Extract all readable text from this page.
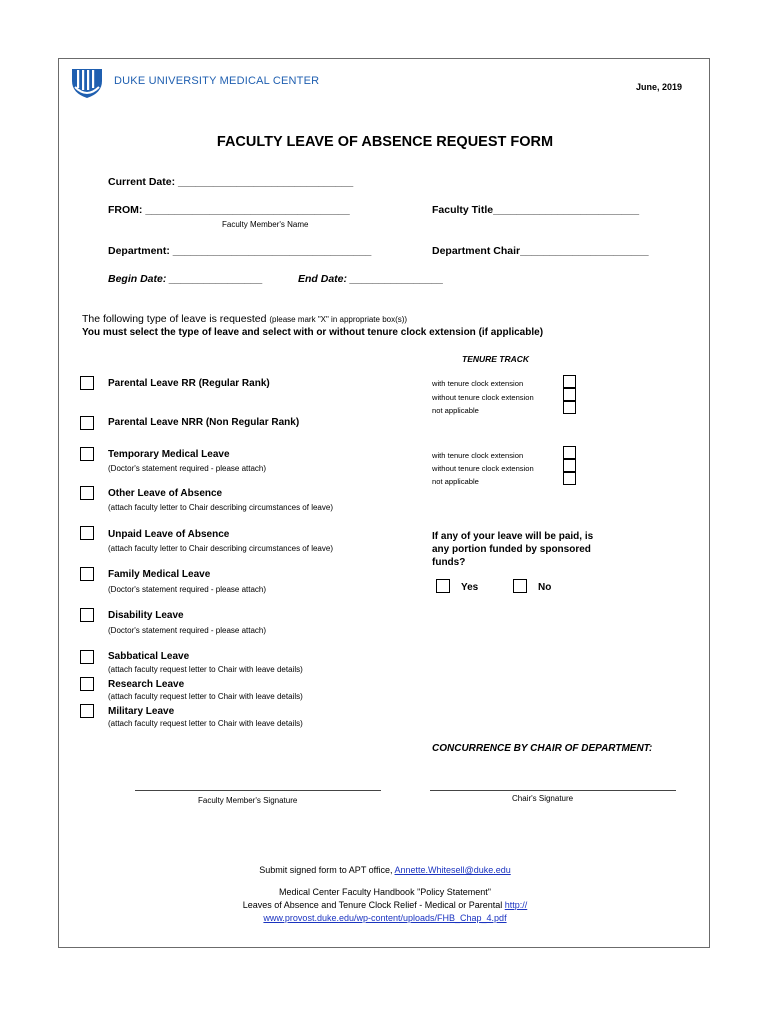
DUKE UNIVERSITY MEDICAL CENTER	June, 2019
FACULTY LEAVE OF ABSENCE REQUEST FORM
Current Date: ______________________________
FROM: ___________________________________
Faculty Member's Name
Faculty Title_________________________
Department: __________________________________	Department Chair______________________
Begin Date: ________________	End Date: ________________
The following type of leave is requested (please mark "X" in appropriate box(s))
You must select the type of leave and select with or without tenure clock extension (if applicable)
TENURE TRACK
Parental Leave RR (Regular Rank)
Parental Leave NRR (Non Regular Rank)
Temporary Medical Leave
(Doctor's statement required - please attach)
Other Leave of Absence
(attach faculty letter to Chair describing circumstances of leave)
Unpaid Leave of Absence
(attach faculty letter to Chair describing circumstances of leave)
Family Medical Leave
(Doctor's statement required - please attach)
Disability Leave
(Doctor's statement required - please attach)
Sabbatical Leave
(attach faculty request letter to Chair with leave details)
Research Leave
(attach faculty request letter to Chair with leave details)
Military Leave
(attach faculty request letter to Chair with leave details)
with tenure clock extension
without tenure clock extension
not applicable
with tenure clock extension
without tenure clock extension
not applicable
If any of your leave will be paid, is
any portion funded by sponsored
funds?
Yes	No
CONCURRENCE BY CHAIR OF DEPARTMENT:
Faculty Member's Signature	Chair's Signature
Submit signed form to APT office, Annette.Whitesell@duke.edu
Medical Center Faculty Handbook "Policy Statement"
Leaves of Absence and Tenure Clock Relief - Medical or Parental http://
www.provost.duke.edu/wp-content/uploads/FHB_Chap_4.pdf
